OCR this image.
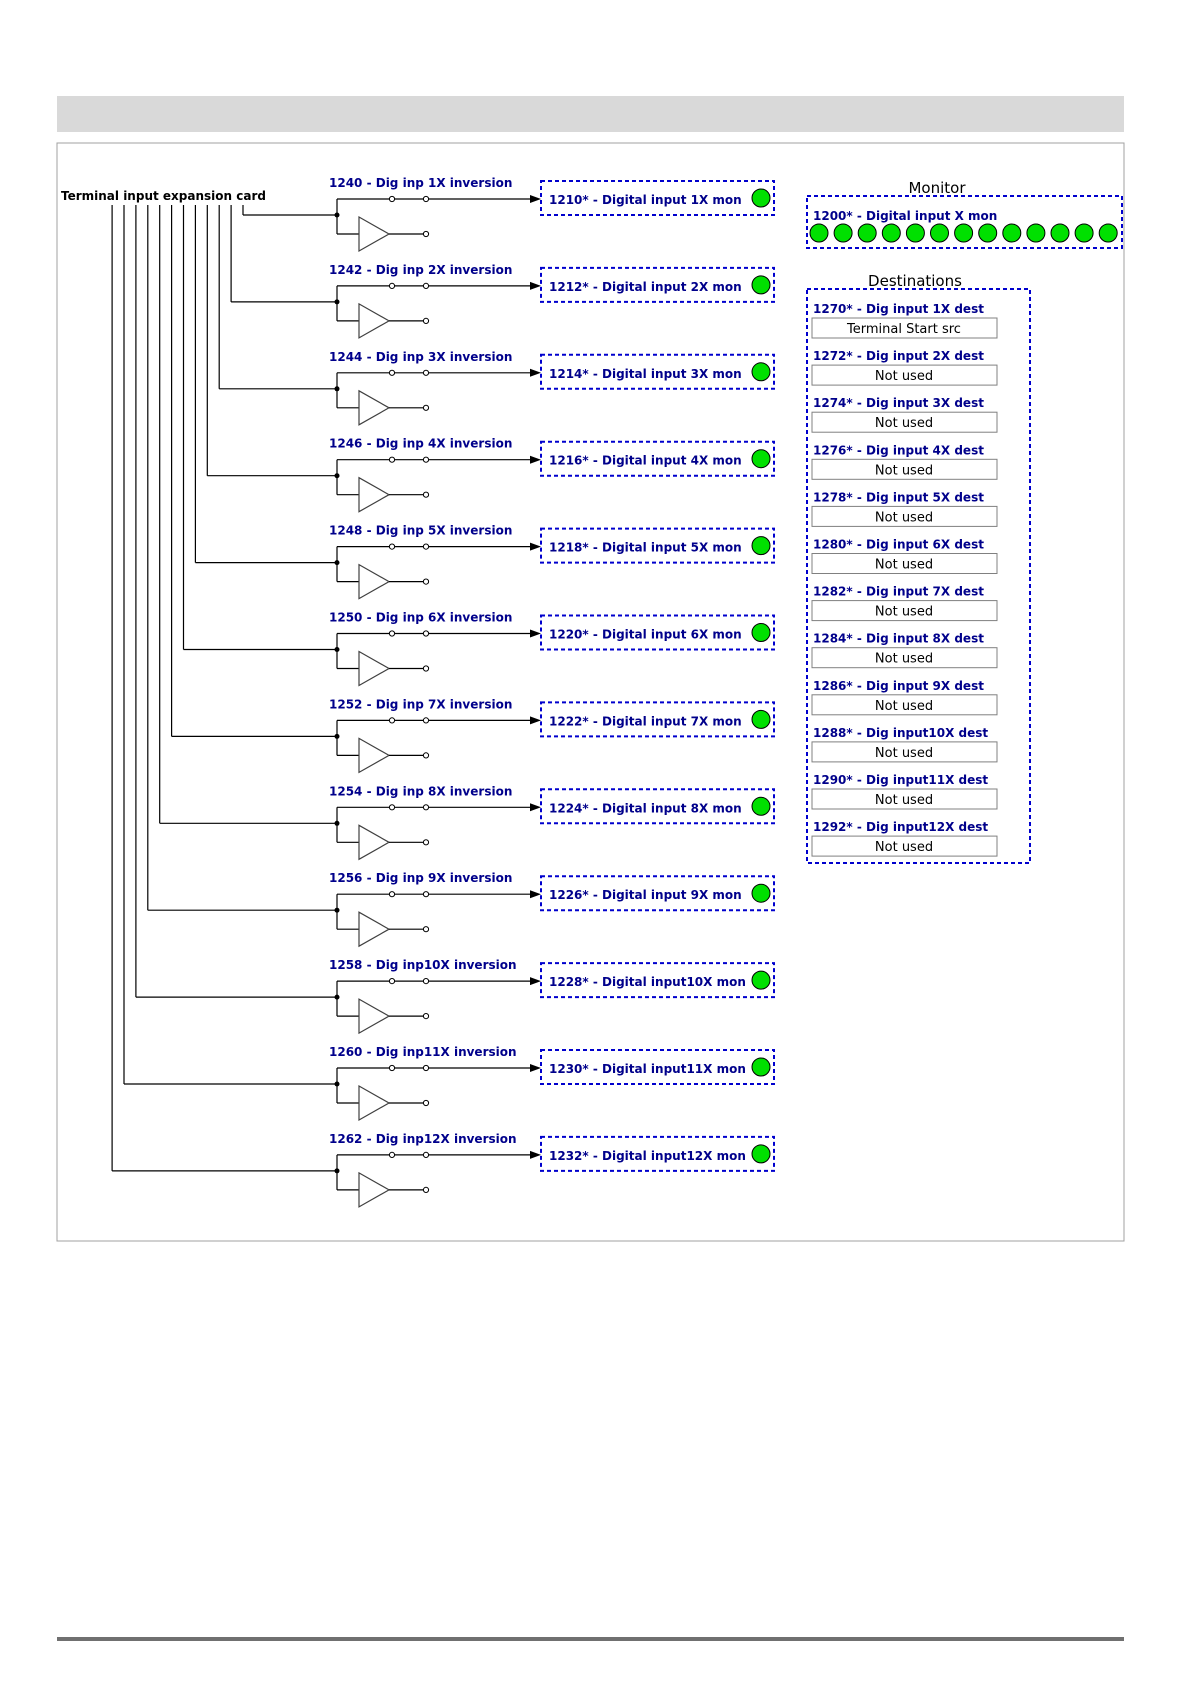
Terminal input expansion card
1240 - Dig inp 1X inversion
1210* - Digital input 1X mon
1242 - Dig inp 2X inversion
1212* - Digital input 2X mon
1244 - Dig inp 3X inversion
1214* - Digital input 3X mon
1246 - Dig inp 4X inversion
1216* - Digital input 4X mon
1248 - Dig inp 5X inversion
1218* - Digital input 5X mon
1250 - Dig inp 6X inversion
1220* - Digital input 6X mon
1252 - Dig inp 7X inversion
1222* - Digital input 7X mon
1254 - Dig inp 8X inversion
1224* - Digital input 8X mon
1256 - Dig inp 9X inversion
1226* - Digital input 9X mon
1258 - Dig inp10X inversion
1228* - Digital input10X mon
1260 - Dig inp11X inversion
1230* - Digital input11X mon
1262 - Dig inp12X inversion
1232* - Digital input12X mon
Monitor
1200* - Digital input X mon
Destinations
1270* - Dig input 1X dest
Terminal Start src
1272* - Dig input 2X dest
Not used
1274* - Dig input 3X dest
Not used
1276* - Dig input 4X dest
Not used
1278* - Dig input 5X dest
Not used
1280* - Dig input 6X dest
Not used
1282* - Dig input 7X dest
Not used
1284* - Dig input 8X dest
Not used
1286* - Dig input 9X dest
Not used
1288* - Dig input10X dest
Not used
1290* - Dig input11X dest
Not used
1292* - Dig input12X dest
Not used
